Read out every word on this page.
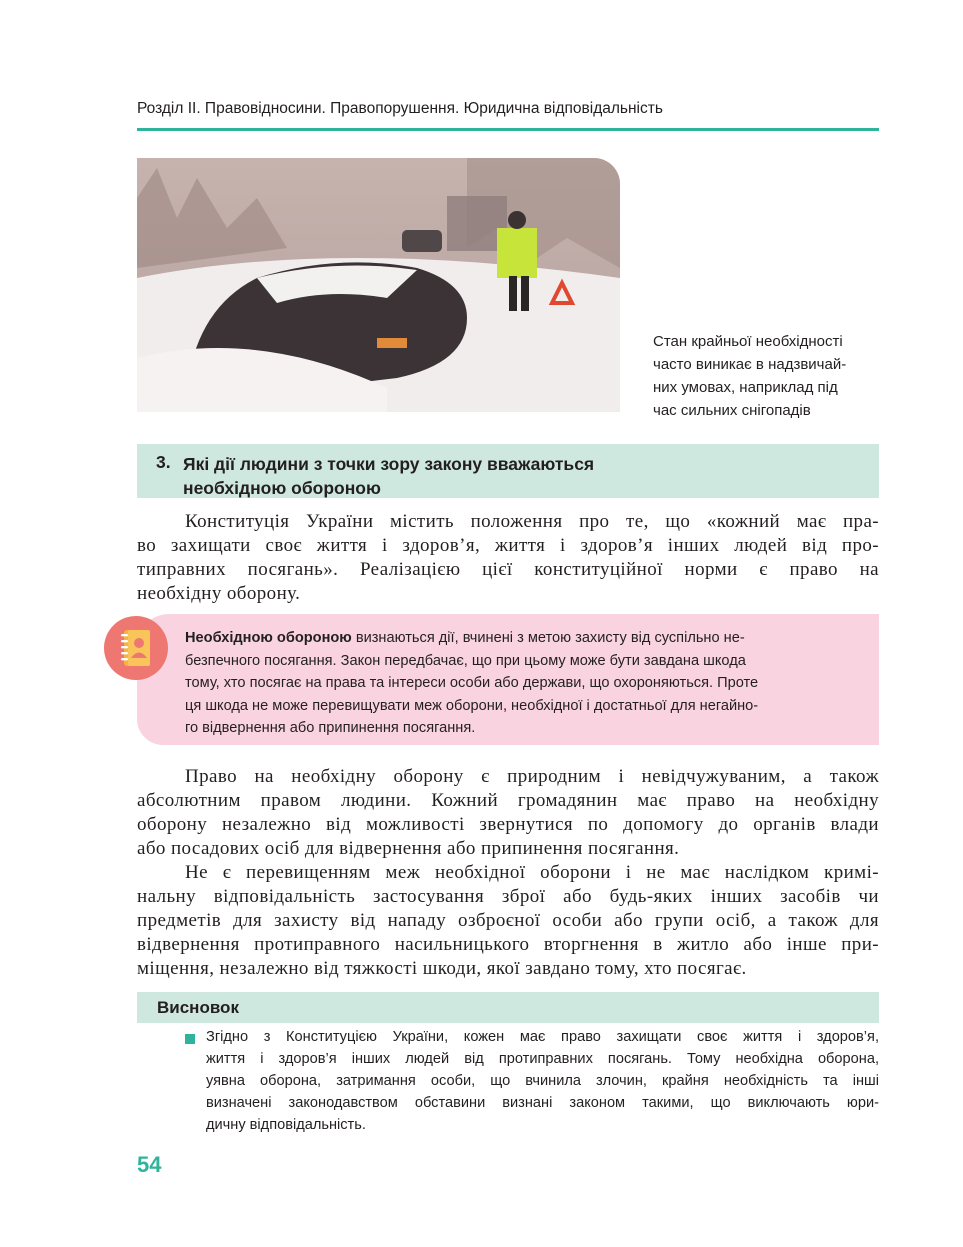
Розділ ІІ. Правовідносини. Правопорушення. Юридична відповідальність
Стан крайньої необхідності
часто виникає в надзвичай-
них умовах, наприклад під
час сильних снігопадів
3. Які дії людини з точки зору закону вважаються
необхідною обороною
Конституція України містить положення про те, що «кожний має пра-
во захищати своє життя і здоров’я, життя і здоров’я інших людей від про-
типравних посягань». Реалізацією цієї конституційної норми є право на
необхідну оборону.
Необхідною обороною визнаються дії, вчинені з метою захисту від суспільно не-
безпечного посягання. Закон передбачає, що при цьому може бути завдана шкода
тому, хто посягає на права та інтереси особи або держави, що охороняються. Проте
ця шкода не може перевищувати меж оборони, необхідної і достатньої для негайно-
го відвернення або припинення посягання.
Право на необхідну оборону є природним і невідчужуваним, а також
абсолютним правом людини. Кожний громадянин має право на необхідну
оборону незалежно від можливості звернутися по допомогу до органів влади
або посадових осіб для відвернення або припинення посягання.
Не є перевищенням меж необхідної оборони і не має наслідком кримі-
нальну відповідальність застосування зброї або будь-яких інших засобів чи
предметів для захисту від нападу озброєної особи або групи осіб, а також для
відвернення протиправного насильницького вторгнення в житло або інше при-
міщення, незалежно від тяжкості шкоди, якої завдано тому, хто посягає.
Висновок
Згідно з Конституцією України, кожен має право захищати своє життя і здоров’я,
життя і здоров’я інших людей від протиправних посягань. Тому необхідна оборона,
уявна оборона, затримання особи, що вчинила злочин, крайня необхідність та інші
визначені законодавством обставини визнані законом такими, що виключають юри-
дичну відповідальність.
54
